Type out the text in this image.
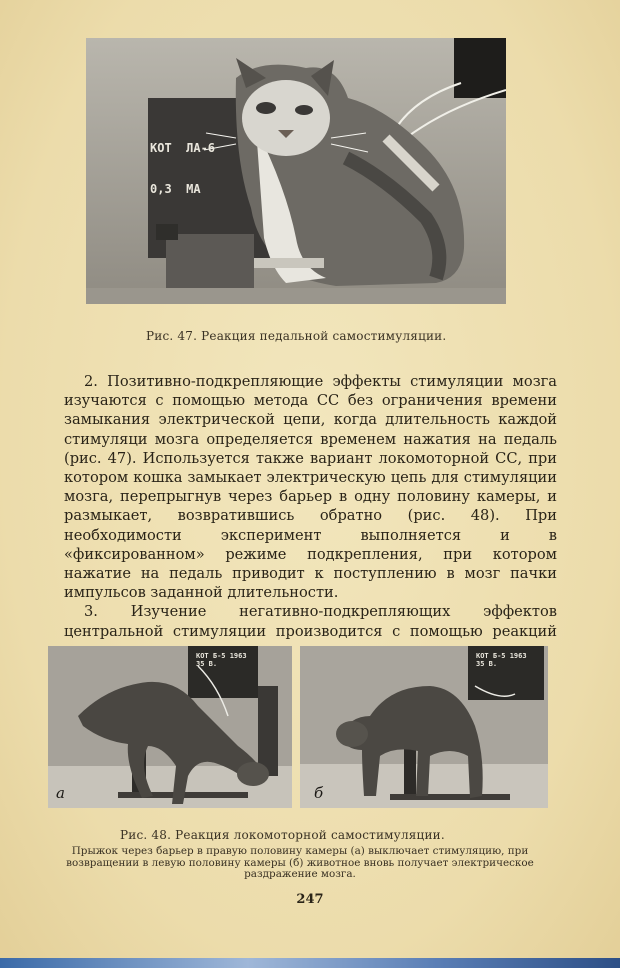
КОТ  ЛА-6

0,3  МА

Рис. 47. Реакция педальной самостимуляции.

2. Позитивно-подкрепляющие эффекты стимуляции мозга изучаются с помощью метода СС без ограничения времени замыкания электрической цепи, когда длительность каждой стимуляци мозга определяется временем нажатия на педаль (рис. 47). Используется также вариант локомоторной СС, при котором кошка замыкает электрическую цепь для стимуляции мозга, перепрыгнув через барьер в одну половину камеры, и размыкает, возвратившись обратно (рис. 48). При необходимости эксперимент выполняется и в «фиксированном» режиме подкрепления, при котором нажатие на педаль приводит к поступлению в мозг пачки импульсов заданной длительности.

3. Изучение негативно-подкрепляющих эффектов центральной стимуляции производится с помощью реакций

КОТ Б-5 1963
35 В.
а
КОТ Б-5 1963
35 В.
б
Рис. 48. Реакция локомоторной самостимуляции.
Прыжок через барьер в правую половину камеры (а) выключает стимуляцию, при возвращении в левую половину камеры (б) животное вновь получает электрическое раздражение мозга.
247
